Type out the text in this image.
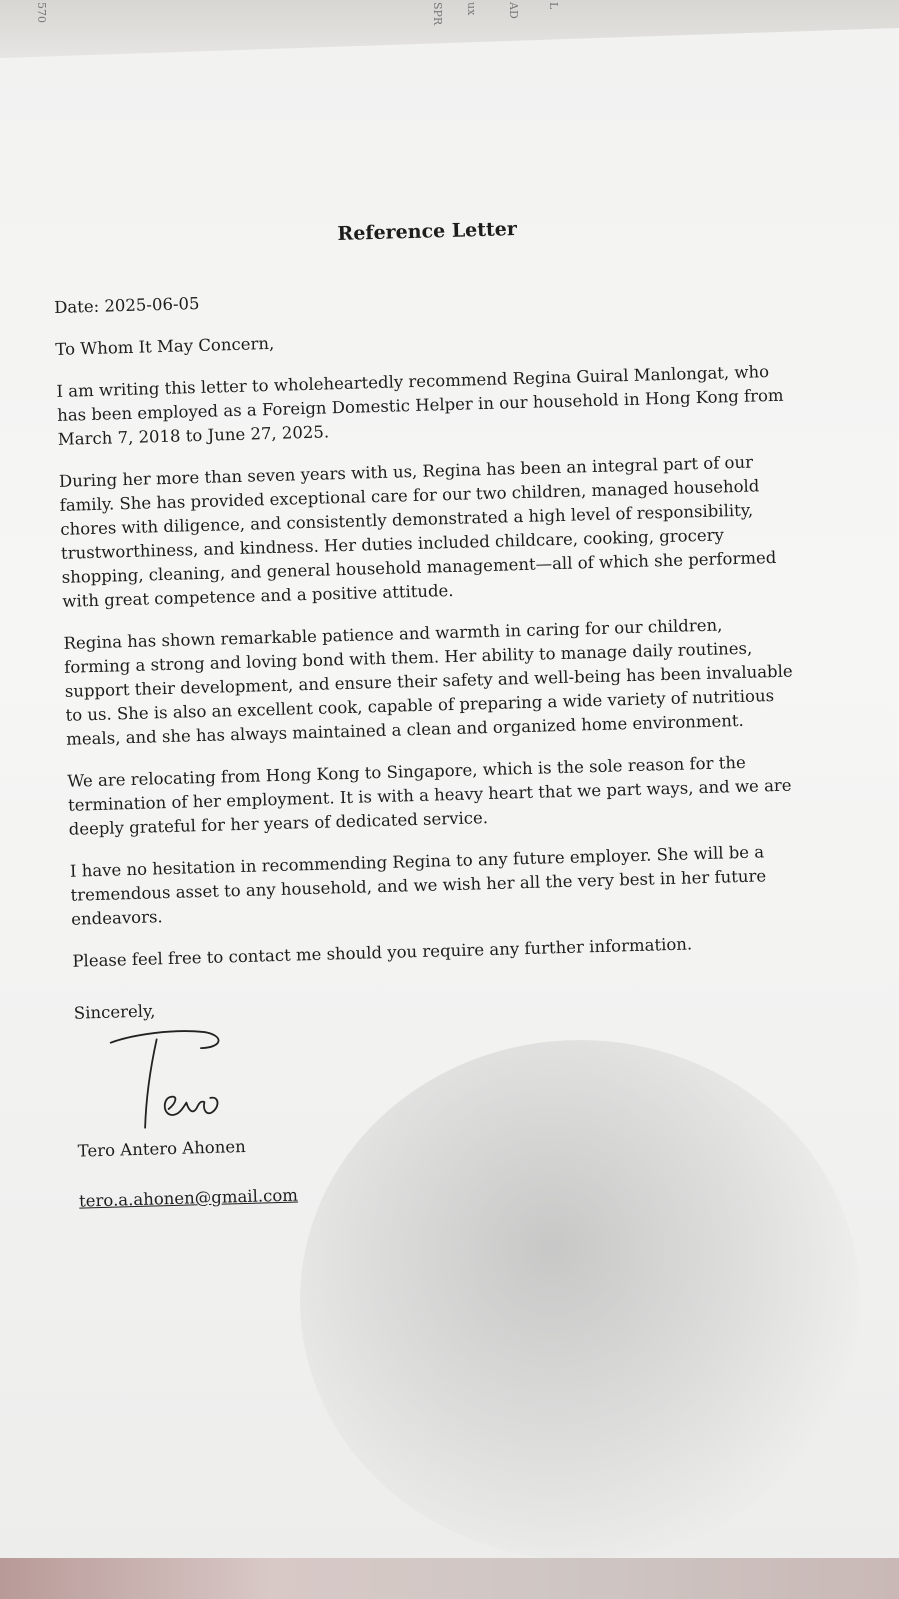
SPR	L
AD
ux
570
Reference Letter
Date: 2025-06-05
To Whom It May Concern,
I am writing this letter to wholeheartedly recommend Regina Guiral Manlongat, who has been employed as a Foreign Domestic Helper in our household in Hong Kong from March 7, 2018 to June 27, 2025.
During her more than seven years with us, Regina has been an integral part of our family. She has provided exceptional care for our two children, managed household chores with diligence, and consistently demonstrated a high level of responsibility, trustworthiness, and kindness. Her duties included childcare, cooking, grocery shopping, cleaning, and general household management—all of which she performed with great competence and a positive attitude.
Regina has shown remarkable patience and warmth in caring for our children, forming a strong and loving bond with them. Her ability to manage daily routines, support their development, and ensure their safety and well-being has been invaluable to us. She is also an excellent cook, capable of preparing a wide variety of nutritious meals, and she has always maintained a clean and organized home environment.
We are relocating from Hong Kong to Singapore, which is the sole reason for the termination of her employment. It is with a heavy heart that we part ways, and we are deeply grateful for her years of dedicated service.
I have no hesitation in recommending Regina to any future employer. She will be a tremendous asset to any household, and we wish her all the very best in her future endeavors.
Please feel free to contact me should you require any further information.
Sincerely,
Tero Antero Ahonen
tero.a.ahonen@gmail.com
